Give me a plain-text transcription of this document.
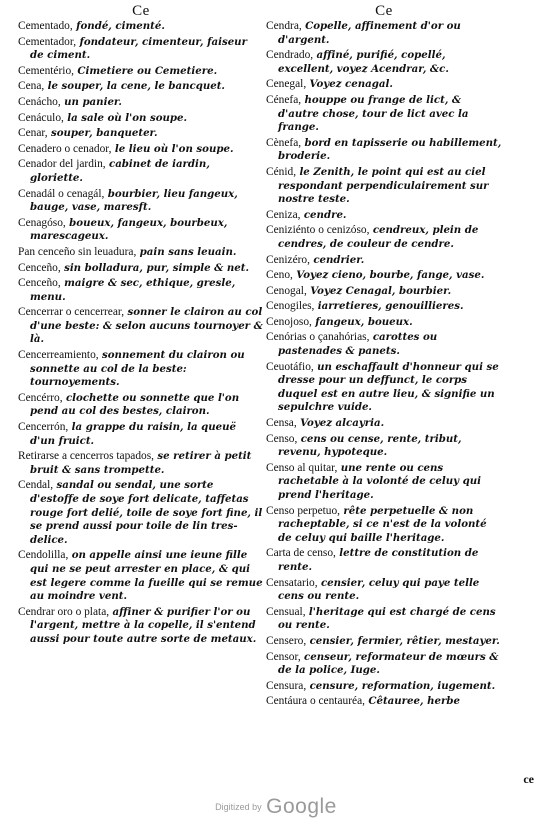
Ce
Cementado, fondé, cimenté.
Cementador, fondateur, cimenteur, faiseur de ciment.
Cementério, Cimetiere ou Cemetiere.
Cena, le souper, la cene, le bancquet.
Cenácho, un panier.
Cenáculo, la sale où l'on soupe.
Cenar, souper, banqueter.
Cenadero o cenador, le lieu où l'on soupe.
Cenador del jardin, cabinet de iardin, gloriette.
Cenadál o cenagál, bourbier, lieu fangeux, bauge, vase, maresft.
Cenagóso, boueux, fangeux, bourbeux, marescageux.
Pan cenceño sin leuadura, pain sans leuain.
Cenceño, sin bolladura, pur, simple & net.
Cenceño, maigre & sec, ethique, gresle, menu.
Cencerrar o cencerrear, sonner le clairon au col d'une beste: & selon aucuns tournoyer & là.
Cencerreamiento, sonnement du clairon ou sonnette au col de la beste: tournoyements.
Cencérro, clochette ou sonnette que l'on pend au col des bestes, clairon.
Cencerrón, la grappe du raisin, la queuë d'un fruict.
Retirarse a cencerros tapados, se retirer à petit bruit & sans trompette.
Cendal, sandal ou sendal, une sorte d'estoffe de soye fort delicate, taffetas rouge fort delié, toile de soye fort fine, il se prend aussi pour toile de lin tres-delice.
Cendolilla, on appelle ainsi une ieune fille qui ne se peut arrester en place, & qui est legere comme la fueille qui se remue au moindre vent.
Cendrar oro o plata, affiner & purifier l'or ou l'argent, mettre à la copelle, il s'entend aussi pour toute autre sorte de metaux.
Ce
Cendra, Copelle, affinement d'or ou d'argent.
Cendrado, affiné, purifié, copellé, excellent, voyez Acendrar, &c.
Cenegal, Voyez cenagal.
Cénefa, houppe ou frange de lict, & d'autre chose, tour de lict avec la frange.
Cènefa, bord en tapisserie ou habillement, broderie.
Cénid, le Zenith, le point qui est au ciel respondant perpendiculairement sur nostre teste.
Ceniza, cendre.
Ceniziénto o cenizóso, cendreux, plein de cendres, de couleur de cendre.
Cenizéro, cendrier.
Ceno, Voyez cieno, bourbe, fange, vase.
Cenogal, Voyez Cenagal, bourbier.
Cenogiles, iarretieres, genouillieres.
Cenojoso, fangeux, boueux.
Cenórias o çanahórias, carottes ou pastenades & panets.
Ceuotáfio, un eschaffault d'honneur qui se dresse pour un deffunct, le corps duquel est en autre lieu, & signifie un sepulchre vuide.
Censa, Voyez alcayria.
Censo, cens ou cense, rente, tribut, revenu, hypoteque.
Censo al quitar, une rente ou cens rachetable à la volonté de celuy qui prend l'heritage.
Censo perpetuo, rête perpetuelle & non racheptable, si ce n'est de la volonté de celuy qui baille l'heritage.
Carta de censo, lettre de constitution de rente.
Censatario, censier, celuy qui paye telle cens ou rente.
Censual, l'heritage qui est chargé de cens ou rente.
Censero, censier, fermier, rêtier, mestayer.
Censor, censeur, reformateur de mœurs & de la police, Iuge.
Censura, censure, reformation, iugement.
Centáura o centauréa, Cêtauree, herbe
ce
Digitized by Google
